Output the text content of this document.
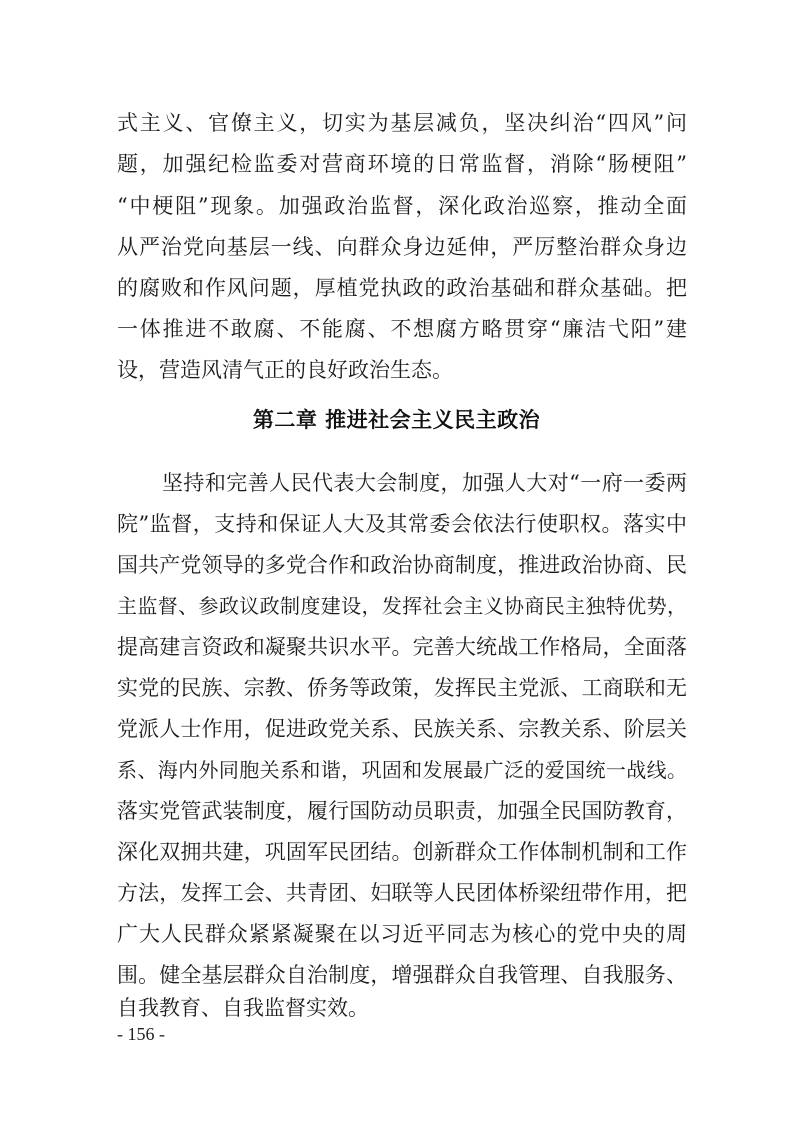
式主义、官僚主义，切实为基层减负，坚决纠治“四风”问
题，加强纪检监委对营商环境的日常监督，消除“肠梗阻”
“中梗阻”现象。加强政治监督，深化政治巡察，推动全面
从严治党向基层一线、向群众身边延伸，严厉整治群众身边
的腐败和作风问题，厚植党执政的政治基础和群众基础。把
一体推进不敢腐、不能腐、不想腐方略贯穿“廉洁弋阳”建
设，营造风清气正的良好政治生态。
第二章 推进社会主义民主政治
坚持和完善人民代表大会制度，加强人大对“一府一委两
院”监督，支持和保证人大及其常委会依法行使职权。落实中
国共产党领导的多党合作和政治协商制度，推进政治协商、民
主监督、参政议政制度建设，发挥社会主义协商民主独特优势，
提高建言资政和凝聚共识水平。完善大统战工作格局，全面落
实党的民族、宗教、侨务等政策，发挥民主党派、工商联和无
党派人士作用，促进政党关系、民族关系、宗教关系、阶层关
系、海内外同胞关系和谐，巩固和发展最广泛的爱国统一战线。
落实党管武装制度，履行国防动员职责，加强全民国防教育，
深化双拥共建，巩固军民团结。创新群众工作体制机制和工作
方法，发挥工会、共青团、妇联等人民团体桥梁纽带作用，把
广大人民群众紧紧凝聚在以习近平同志为核心的党中央的周
围。健全基层群众自治制度，增强群众自我管理、自我服务、
自我教育、自我监督实效。
- 156 -
